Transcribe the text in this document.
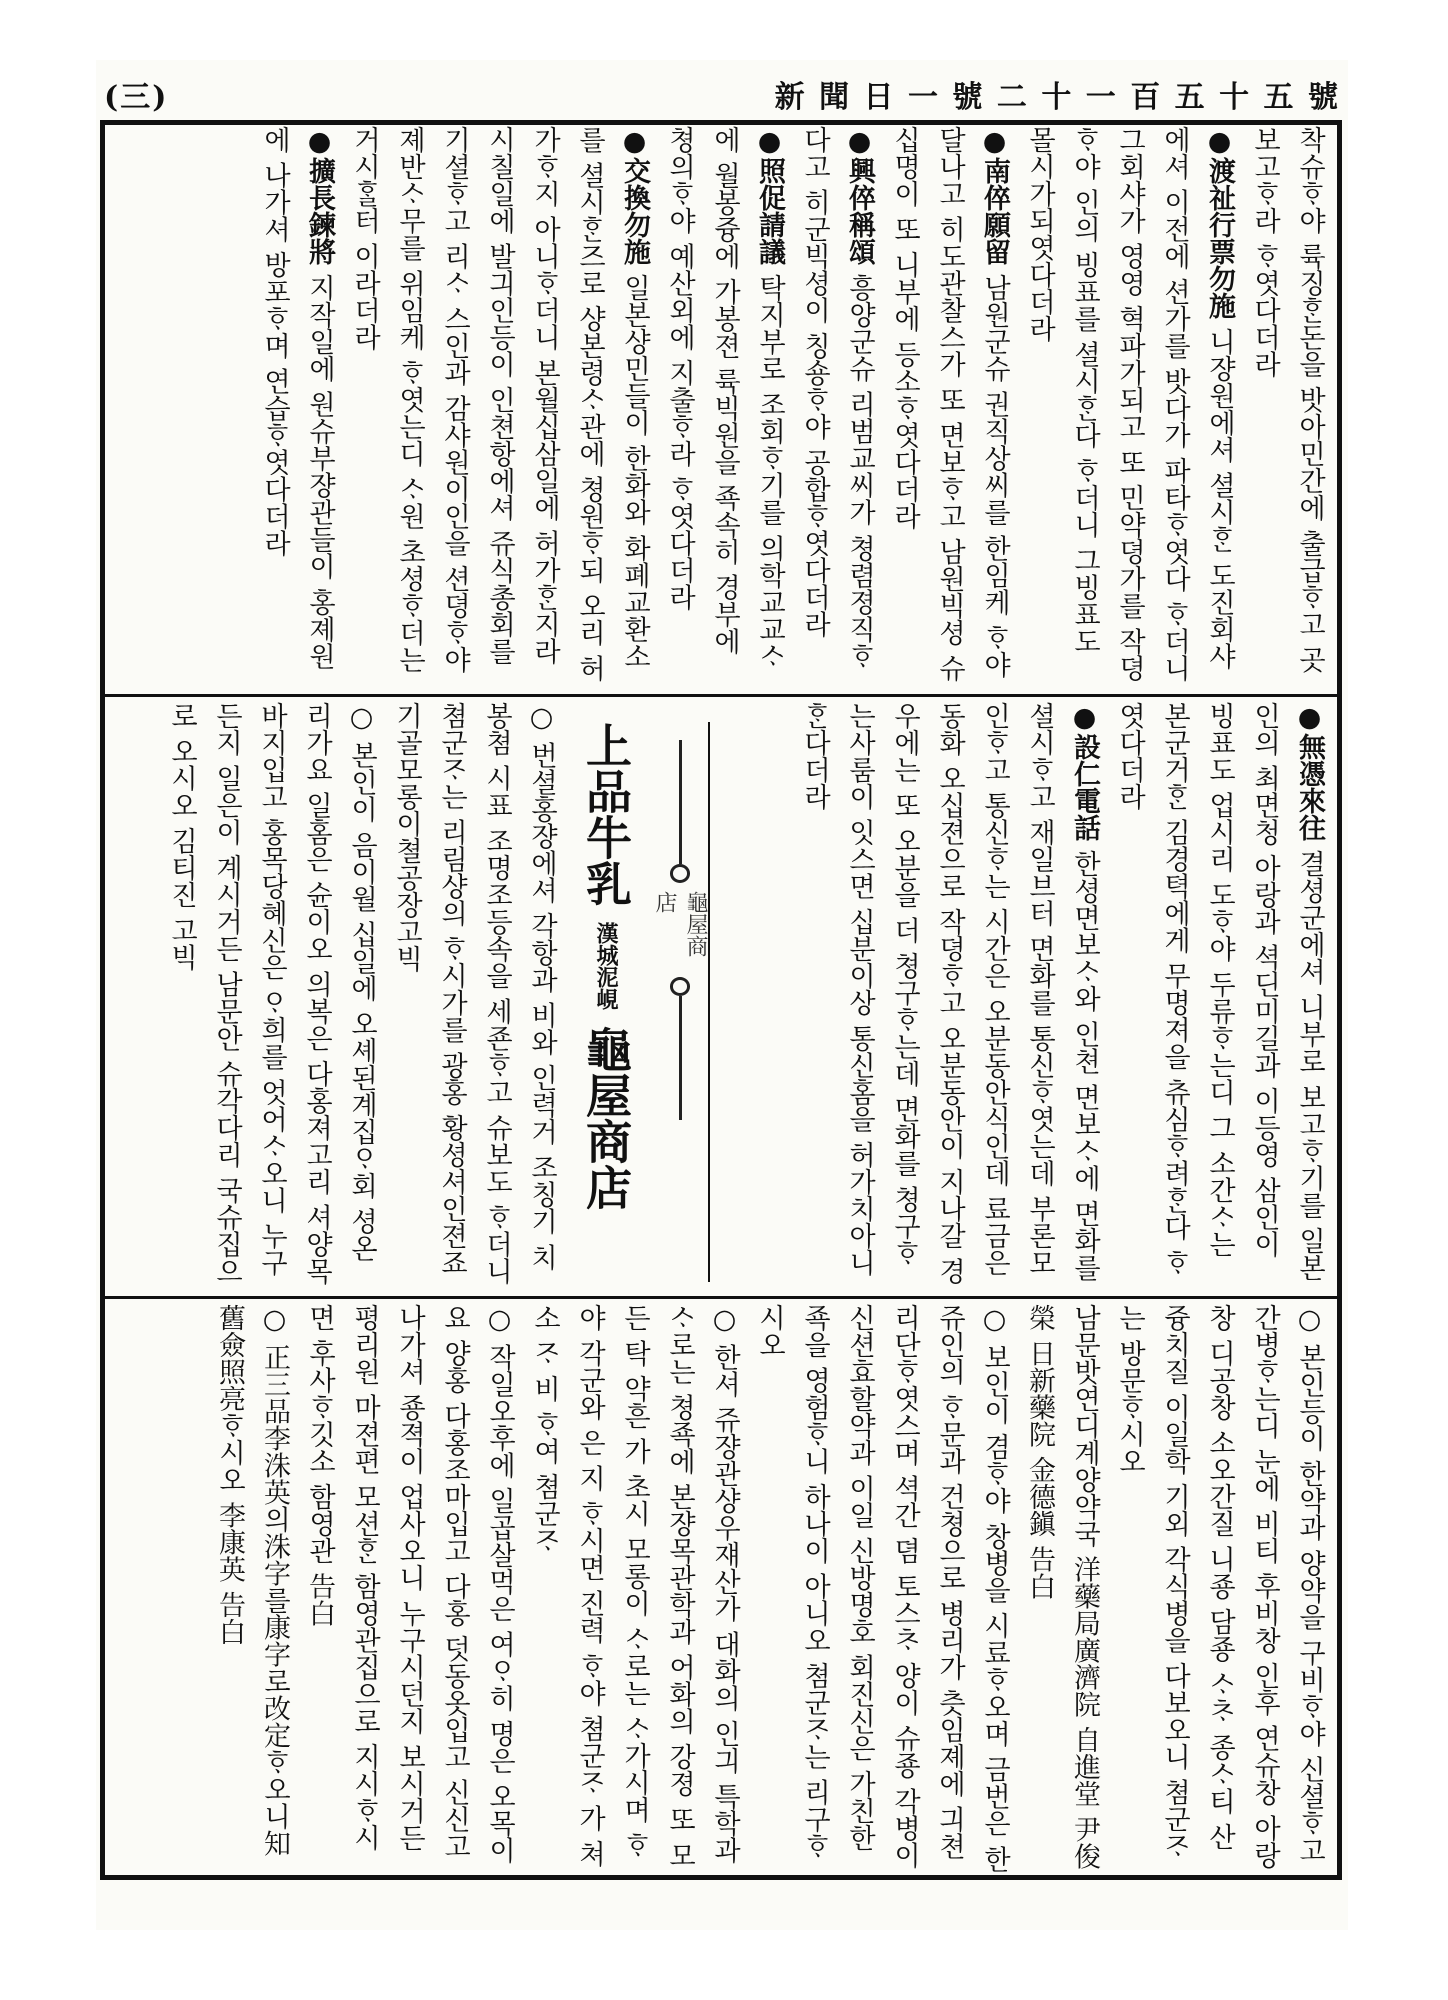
(三)	新 聞 日 一 號 二 十 一 百 五 十 五 號

착슈ᄒᆞ야 륙징ᄒᆞᆫ돈을 밧아민간에 출급ᄒᆞ고 곳 보고ᄒᆞ라 ᄒᆞ엿다더라

●渡祉行票勿施 니쟝원에셔 셜시ᄒᆞᆫ 도진회샤에셔 이전에 션가를 밧다가 파타ᄒᆞ엿다 ᄒᆞ더니 그회샤가 영영 혁파가되고 또 민약뎡가를 작뎡ᄒᆞ야 인의 빙표를 셜시ᄒᆞᆫ다 ᄒᆞ더니 그빙표도 몰시가되엿다더라

●南倅願留 남원군슈 권직상씨를 한임케 ᄒᆞ야달나고 히도관찰스가 또 면보ᄒᆞ고 남원빅셩 슈십명이 또 니부에 등소ᄒᆞ엿다더라

●興倅稱頌 흥양군슈 리범교씨가 쳥렴졍직ᄒᆞ다고 히군빅셩이 칭숑ᄒᆞ야 공합ᄒᆞ엿다더라

●照促請議 탁지부로 조회ᄒᆞ기를 의학교교ᄉᆞ에 월봉즁에 가봉젼 륙빅원을 죡속히 경부에 쳥의ᄒᆞ야 예산외에 지출ᄒᆞ라 ᄒᆞ엿다더라

●交換勿施 일본샹민들이 한화와 화폐교환소를 셜시ᄒᆞᆫ즈로 샹본령ᄉᆞ관에 쳥원ᄒᆞ되 오리 허가ᄒᆞ지 아니ᄒᆞ더니 본월십삼일에 허가ᄒᆞᆫ지라 시칠일에 발긔인등이 인쳔항에셔 쥬식총회를 기셜ᄒᆞ고 리ᄉᆞ 스인과 감샤원이인을 션뎡ᄒᆞ야 졔반ᄉᆞ무를 위임케 ᄒᆞ엿는디 ᄉᆞ원 초셩ᄒᆞ더는 거시ᄒᆞᆯ터 이라더라

●擴長鍊將 지작일에 원슈부쟝관들이 홍졔원에 나가셔 방포ᄒᆞ며 연습ᄒᆞ엿다더라

●無憑來往 결셩군에셔 니부로 보고ᄒᆞ기를 일본인의 최면청 아랑과 셕딘미길과 이등영 삼인이 빙표도 업시리 도ᄒᆞ야 두류ᄒᆞ는디 그 소간ᄉᆞ는 본군거ᄒᆞᆫ 김경텩에게 무명져을 츄심ᄒᆞ려ᄒᆞᆫ다 ᄒᆞ엿다더라

●設仁電話 한셩면보ᄉᆞ와 인쳔 면보ᄉᆞ에 면화를 셜시ᄒᆞ고 재일브터 면화를 통신ᄒᆞ엿는데 부론모인ᄒᆞ고 통신ᄒᆞ는 시간은 오분동안식인데 료금은 동화 오십젼으로 작뎡ᄒᆞ고 오분동안이 지나갈 경우에는 또 오분을 더 쳥구ᄒᆞ는데 면화를 쳥구ᄒᆞ는사룸이 잇스면 십분이상 통신홈을 허가치아니ᄒᆞᆫ다더라

上品牛乳 漢城泥峴 龜屋商店
龜屋商店

○ 번셜홍쟝에셔 각항과 비와 인력거 조칭기 치봉쳠 시표 조명조등속을 세죤ᄒᆞ고 슈보도 ᄒᆞ더니 쳠군ᄌᆞ는 리림샹의 ᄒᆞ시가를 광홍 황셩셔인젼죠기골모롱이쳘공장고빅

○ 본인이 음이월 십일에 오셰된계집ᄋᆞ회 셩온리가요 일홈은 슌이오 의복은 다홍져고리 셔양목 바지입고 홍목당혜신은 ᄋᆞ희를 엇어ᄉᆞ오니 누구든지 일은이 계시거든 남문안 슈각다리 국슈집으로 오시오 김티진 고빅

○ 본인등이 한약과 양약을 구비ᄒᆞ야 신셜ᄒᆞ고 간병ᄒᆞ는디 눈에 비티 후비창 인후 연슈창 아랑창 디공창 소오간질 니죵 담죵 ᄉᆞᄎᆞ 종ᄉᆞ티 산즁치질 이일학 기외 각식병을 다보오니 쳠군ᄌᆞ는 방문ᄒᆞ시오

남문밧연디계양약국 洋藥局廣濟院 自進堂 尹俊榮 日新藥院 金德鎭 告白

○ 보인이 겸ᄒᆞ야 창병을 시료ᄒᆞ오며 금번은 한쥬인의 ᄒᆞ문과 건쳥으로 병리가 츳임졔에 긔쳔리단ᄒᆞ엿스며 셕간 뎜 토스ᄎᆞ 양이 슈죵 각병이 신션효할약과 이일 신방명호 회진신은 가친한죡을 영험ᄒᆞ니 하나이 아니오 쳠군ᄌᆞ는 리구ᄒᆞ시오

○ 한셔 쥬쟝관샹우쟤산가 대화의 인긔 특학과 ᄉᆞ로는 쳥죡에 본쟝목관학과 어화의 강졍 또 모든 탁 약흔 가 초시 모롱이 ᄉᆞ로는 ᄉᆞ가시며 ᄒᆞ야 각군와 은 지 ᄒᆞ시면 진력 ᄒᆞ야 쳠군ᄌᆞ 가 쳐 소 ᄌᆞ 비 ᄒᆞ여 쳠군ᄌᆞ

○ 작일오후에 일곱살먹은 여ᄋᆞ히 명은 오목이요 양홍 다홍조마입고 다홍 덧동옷입고 신신고 나가셔 죵젹이 업사오니 누구시던지 보시거든 평리원 마젼편 모션ᄒᆞᆫ 함영관집으로 지시ᄒᆞ시면 후사ᄒᆞ깃소 함영관 告白

○ 正三品李洙英의洙字를康字로改定ᄒᆞ오니知舊僉照亮ᄒᆞ시오 李康英 告白
